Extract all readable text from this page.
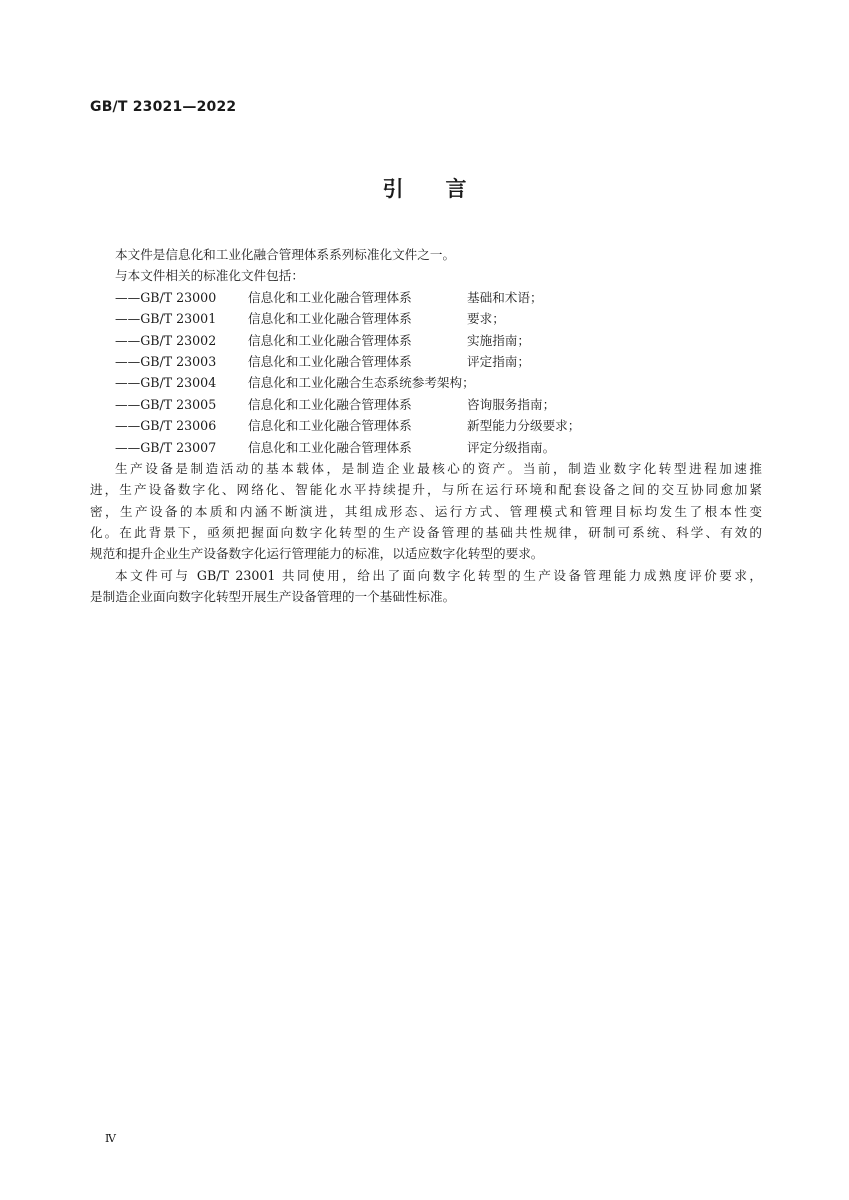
GB/T 23021—2022
引言
本文件是信息化和工业化融合管理体系系列标准化文件之一。
与本文件相关的标准化文件包括：
——GB/T 23000	信息化和工业化融合管理体系	基础和术语；
——GB/T 23001	信息化和工业化融合管理体系	要求；
——GB/T 23002	信息化和工业化融合管理体系	实施指南；
——GB/T 23003	信息化和工业化融合管理体系	评定指南；
——GB/T 23004	信息化和工业化融合生态系统参考架构；
——GB/T 23005	信息化和工业化融合管理体系	咨询服务指南；
——GB/T 23006	信息化和工业化融合管理体系	新型能力分级要求；
——GB/T 23007	信息化和工业化融合管理体系	评定分级指南。
生产设备是制造活动的基本载体，是制造企业最核心的资产。当前，制造业数字化转型进程加速推
进，生产设备数字化、网络化、智能化水平持续提升，与所在运行环境和配套设备之间的交互协同愈加紧
密，生产设备的本质和内涵不断演进，其组成形态、运行方式、管理模式和管理目标均发生了根本性变
化。在此背景下，亟须把握面向数字化转型的生产设备管理的基础共性规律，研制可系统、科学、有效的
规范和提升企业生产设备数字化运行管理能力的标准，以适应数字化转型的要求。
本文件可与 GB/T 23001 共同使用，给出了面向数字化转型的生产设备管理能力成熟度评价要求，
是制造企业面向数字化转型开展生产设备管理的一个基础性标准。
Ⅳ
